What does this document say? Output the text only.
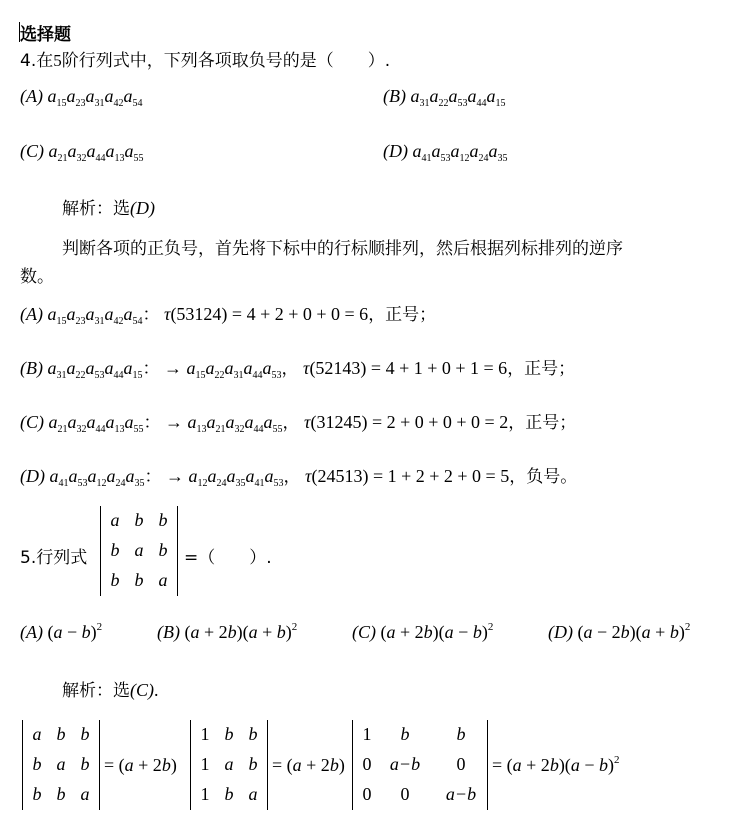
选择题
4.在5阶行列式中，下列各项取负号的是（　　）.
(A) $a_{15}a_{23}a_{31}a_{42}a_{54}$	(B) $a_{31}a_{22}a_{53}a_{44}a_{15}$
(C) $a_{21}a_{32}a_{44}a_{13}a_{55}$	(D) $a_{41}a_{53}a_{12}a_{24}a_{35}$
解析：选(D)
判断各项的正负号，首先将下标中的行标顺排列，然后根据列标排列的逆序
数。
(A) $a_{15}a_{23}a_{31}a_{42}a_{54}$： τ(53124) = 4 + 2 + 0 + 0 = 6，正号；
(B) $a_{31}a_{22}a_{53}a_{44}a_{15}$： → $a_{15}a_{22}a_{31}a_{44}a_{53}$， τ(52143) = 4 + 1 + 0 + 1 = 6，正号；
(C) $a_{21}a_{32}a_{44}a_{13}a_{55}$： → $a_{13}a_{21}a_{32}a_{44}a_{55}$， τ(31245) = 2 + 0 + 0 + 0 = 2，正号；
(D) $a_{41}a_{53}a_{12}a_{24}a_{35}$： → $a_{12}a_{24}a_{35}a_{41}a_{53}$， τ(24513) = 1 + 2 + 2 + 0 = 5，负号。
5.行列式
a b b
b a b
b b a
=（　　）.
(A) $(a - b)^2$	(B) $(a + 2b)(a + b)^2$	(C) $(a + 2b)(a - b)^2$	(D) $(a - 2b)(a + b)^2$
解析：选(C).
a b b
b a b
b b a
= (a + 2b)
1 b b
1 a b
1 b a
= (a + 2b)
1	b	b
0	a−b	0
0	0	a−b
= $(a + 2b)(a - b)^2$
